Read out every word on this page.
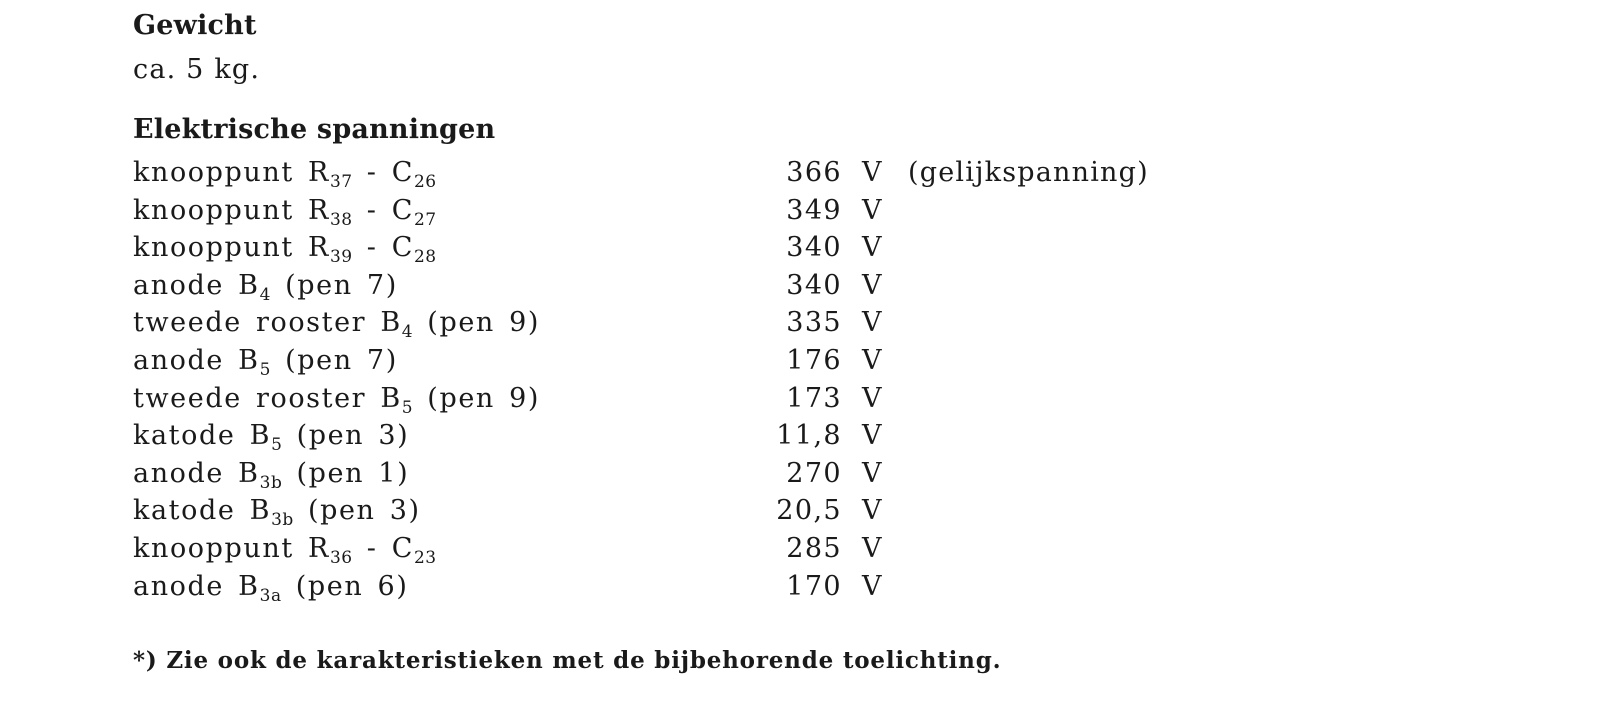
Gewicht
ca. 5 kg.
Elektrische spanningen
knooppunt $R_{37} - C_{26}$	366 V (gelijkspanning)
knooppunt $R_{38} - C_{27}$	349 V
knooppunt $R_{39} - C_{28}$	340 V
anode $B_4$ (pen 7)	340 V
tweede rooster $B_4$ (pen 9)	335 V
anode $B_5$ (pen 7)	176 V
tweede rooster $B_5$ (pen 9)	173 V
katode $B_5$ (pen 3)	11,8 V
anode $B_{3b}$ (pen 1)	270 V
katode $B_{3b}$ (pen 3)	20,5 V
knooppunt $R_{36} - C_{23}$	285 V
anode $B_{3a}$ (pen 6)	170 V
*) Zie ook de karakteristieken met de bijbehorende toelichting.
